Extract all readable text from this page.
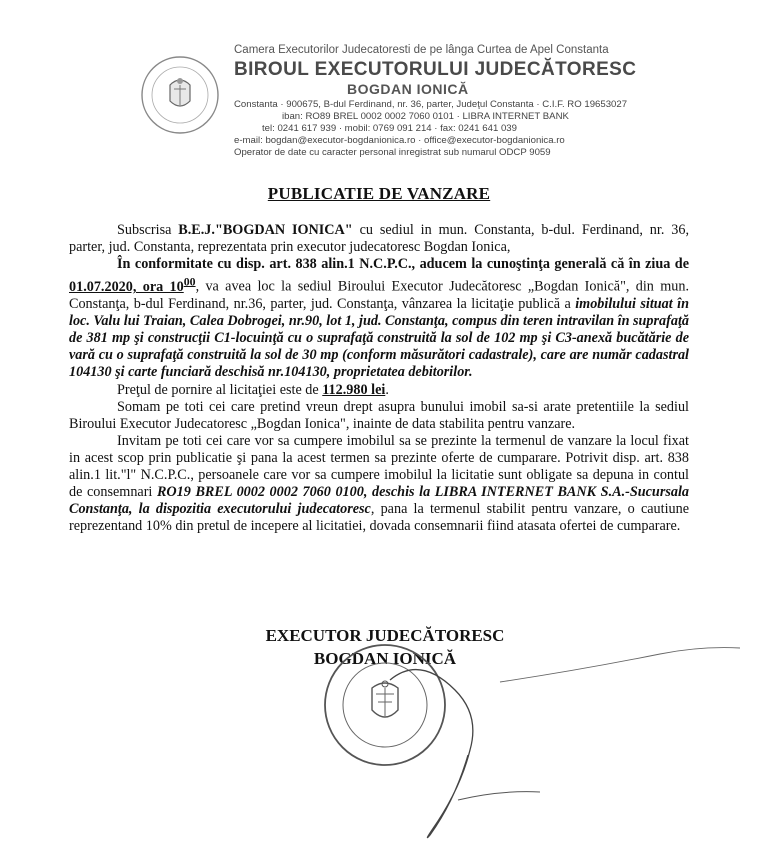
Camera Executorilor Judecatoresti de pe lânga Curtea de Apel Constanta
BIROUL EXECUTORULUI JUDECĂTORESC
BOGDAN IONICĂ
Constanta · 900675, B-dul Ferdinand, nr. 36, parter, Judeţul Constanta · C.I.F. RO 19653027
iban: RO89 BREL 0002 0002 7060 0101 · LIBRA INTERNET BANK
tel: 0241 617 939 · mobil: 0769 091 214 · fax: 0241 641 039
e-mail: bogdan@executor-bogdanionica.ro · office@executor-bogdanionica.ro
Operator de date cu caracter personal inregistrat sub numarul ODCP 9059
PUBLICATIE DE VANZARE

Subscrisa B.E.J."BOGDAN IONICA" cu sediul in mun. Constanta, b-dul. Ferdinand, nr. 36, parter, jud. Constanta, reprezentata prin executor judecatoresc Bogdan Ionica,

În conformitate cu disp. art. 838 alin.1 N.C.P.C., aducem la cunoştinţa generală că în ziua de 01.07.2020, ora $10^{00}$, va avea loc la sediul Biroului Executor Judecătoresc „Bogdan Ionică", din mun. Constanţa, b-dul Ferdinand, nr.36, parter, jud. Constanţa, vânzarea la licitaţie publică a imobilului situat în loc. Valu lui Traian, Calea Dobrogei, nr.90, lot 1, jud. Constanţa, compus din teren intravilan în suprafaţă de 381 mp şi construcţii C1-locuinţă cu o suprafaţă construită la sol de 102 mp şi C3-anexă bucătărie de vară cu o suprafaţă construită la sol de 30 mp (conform măsurători cadastrale), care are număr cadastral 104130 şi carte funciară deschisă nr.104130, proprietatea debitorilor.

Preţul de pornire al licitaţiei este de 112.980 lei.

Somam pe toti cei care pretind vreun drept asupra bunului imobil sa-si arate pretentiile la sediul Biroului Executor Judecatoresc „Bogdan Ionica", inainte de data stabilita pentru vanzare.

Invitam pe toti cei care vor sa cumpere imobilul sa se prezinte la termenul de vanzare la locul fixat in acest scop prin publicatie şi pana la acest termen sa prezinte oferte de cumparare. Potrivit disp. art. 838 alin.1 lit."l" N.C.P.C., persoanele care vor sa cumpere imobilul la licitatie sunt obligate sa depuna in contul de consemnari RO19 BREL 0002 0002 7060 0100, deschis la LIBRA INTERNET BANK S.A.-Sucursala Constanţa, la dispozitia executorului judecatoresc, pana la termenul stabilit pentru vanzare, o cautiune reprezentand 10% din pretul de incepere al licitatiei, dovada consemnarii fiind atasata ofertei de cumparare.

EXECUTOR JUDECĂTORESC
BOGDAN IONICĂ
